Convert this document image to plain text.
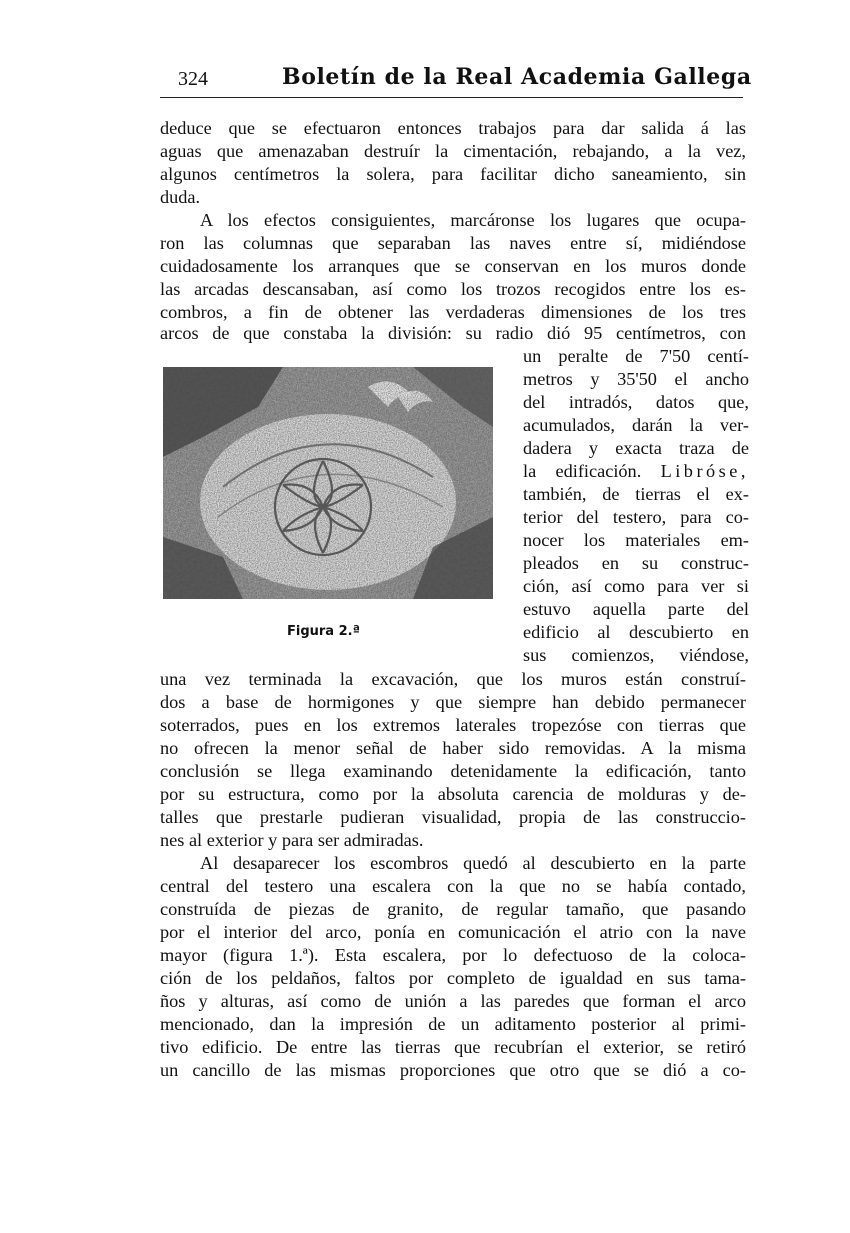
324	Boletín de la Real Academia Gallega
deduce que se efectuaron entonces trabajos para dar salida á las
aguas que amenazaban destruír la cimentación, rebajando, a la vez,
algunos centímetros la solera, para facilitar dicho saneamiento, sin
duda.
A los efectos consiguientes, marcáronse los lugares que ocupa-
ron las columnas que separaban las naves entre sí, midiéndose
cuidadosamente los arranques que se conservan en los muros donde
las arcadas descansaban, así como los trozos recogidos entre los es-
combros, a fin de obtener las verdaderas dimensiones de los tres
arcos de que constaba la división: su radio dió 95 centímetros, con
Figura 2.ª
un peralte de 7'50 centí-
metros y 35'50 el ancho
del intradós, datos que,
acumulados, darán la ver-
dadera y exacta traza de
la edificación. Libróse,
también, de tierras el ex-
terior del testero, para co-
nocer los materiales em-
pleados en su construc-
ción, así como para ver si
estuvo aquella parte del
edificio al descubierto en
sus comienzos, viéndose,
una vez terminada la excavación, que los muros están construí-
dos a base de hormigones y que siempre han debido permanecer
soterrados, pues en los extremos laterales tropezóse con tierras que
no ofrecen la menor señal de haber sido removidas. A la misma
conclusión se llega examinando detenidamente la edificación, tanto
por su estructura, como por la absoluta carencia de molduras y de-
talles que prestarle pudieran visualidad, propia de las construccio-
nes al exterior y para ser admiradas.
Al desaparecer los escombros quedó al descubierto en la parte
central del testero una escalera con la que no se había contado,
construída de piezas de granito, de regular tamaño, que pasando
por el interior del arco, ponía en comunicación el atrio con la nave
mayor (figura 1.ª). Esta escalera, por lo defectuoso de la coloca-
ción de los peldaños, faltos por completo de igualdad en sus tama-
ños y alturas, así como de unión a las paredes que forman el arco
mencionado, dan la impresión de un aditamento posterior al primi-
tivo edificio. De entre las tierras que recubrían el exterior, se retiró
un cancillo de las mismas proporciones que otro que se dió a co-
